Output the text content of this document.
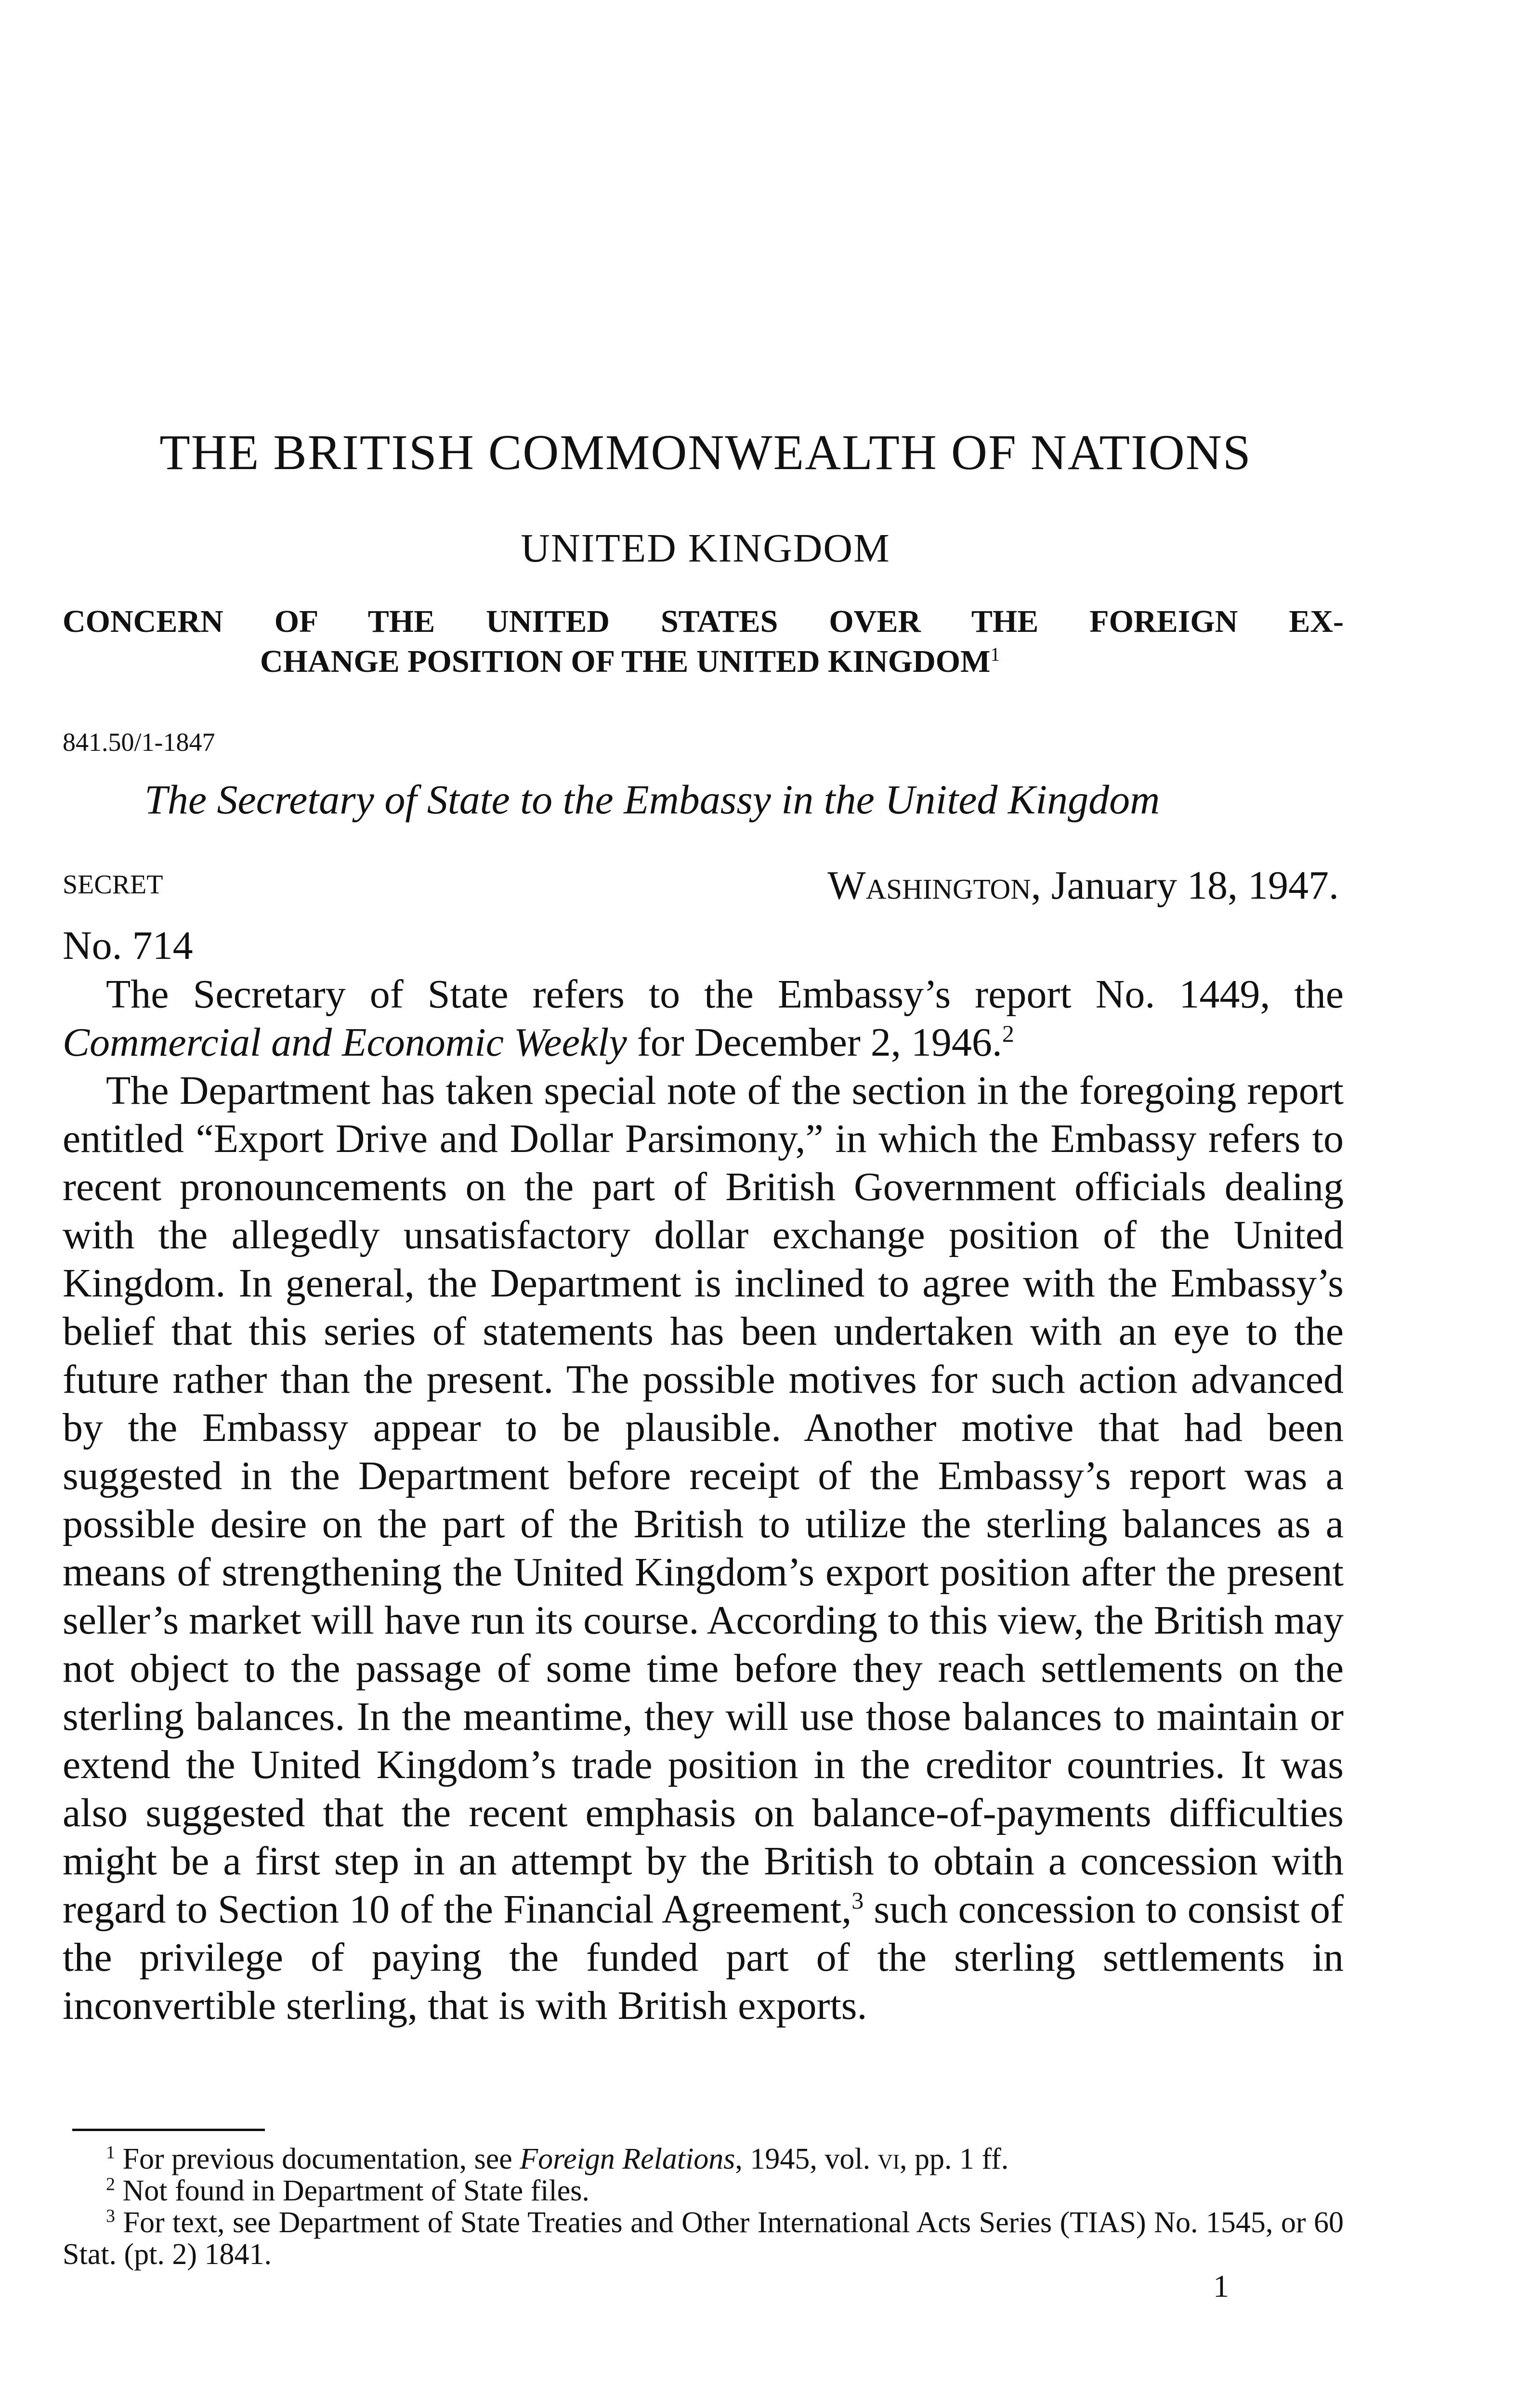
THE BRITISH COMMONWEALTH OF NATIONS
UNITED KINGDOM
CONCERN OF THE UNITED STATES OVER THE FOREIGN EX-
CHANGE POSITION OF THE UNITED KINGDOM$^1$
841.50/1-1847
The Secretary of State to the Embassy in the United Kingdom
SECRET	Washington, January 18, 1947.
No. 714

The Secretary of State refers to the Embassy’s report No. 1449, the Commercial and Economic Weekly for December 2, 1946.$^2$

The Department has taken special note of the section in the foregoing report entitled “Export Drive and Dollar Parsimony,” in which the Embassy refers to recent pronouncements on the part of British Government officials dealing with the allegedly unsatisfactory dollar exchange position of the United Kingdom. In general, the Department is inclined to agree with the Embassy’s belief that this series of statements has been undertaken with an eye to the future rather than the present. The possible motives for such action advanced by the Embassy appear to be plausible. Another motive that had been suggested in the Department before receipt of the Embassy’s report was a possible desire on the part of the British to utilize the sterling balances as a means of strengthening the United Kingdom’s export position after the present seller’s market will have run its course. According to this view, the British may not object to the passage of some time before they reach settlements on the sterling balances. In the meantime, they will use those balances to maintain or extend the United Kingdom’s trade position in the creditor countries. It was also suggested that the recent emphasis on balance-of-payments difficulties might be a first step in an attempt by the British to obtain a concession with regard to Section 10 of the Financial Agreement,$^3$ such concession to consist of the privilege of paying the funded part of the sterling settlements in inconvertible sterling, that is with British exports.

$^1$ For previous documentation, see Foreign Relations, 1945, vol. vi, pp. 1 ff.

$^2$ Not found in Department of State files.

$^3$ For text, see Department of State Treaties and Other International Acts Series (TIAS) No. 1545, or 60 Stat. (pt. 2) 1841.

1
